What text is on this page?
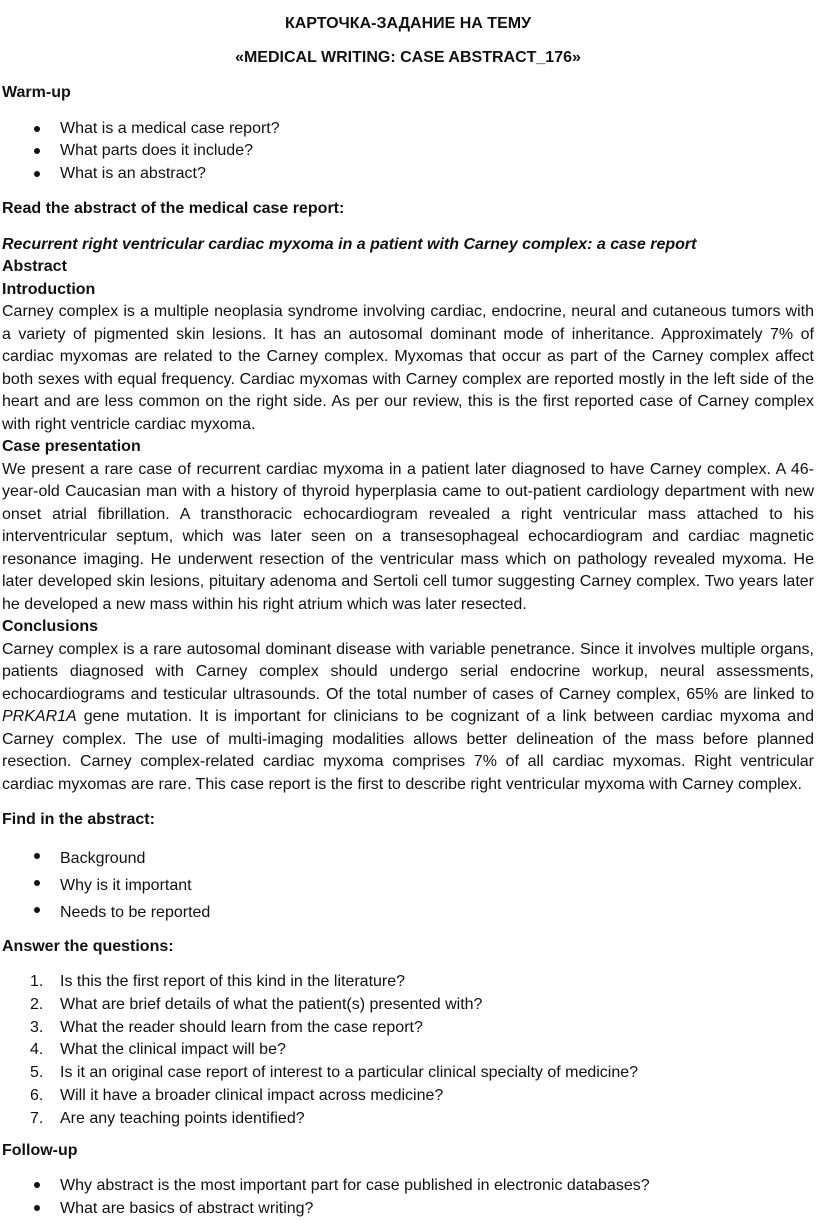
КАРТОЧКА-ЗАДАНИЕ НА ТЕМУ

«MEDICAL WRITING: CASE ABSTRACT_176»

Warm-up
What is a medical case report?
What parts does it include?
What is an abstract?
Read the abstract of the medical case report:

Recurrent right ventricular cardiac myxoma in a patient with Carney complex: a case report

Abstract
Introduction

Carney complex is a multiple neoplasia syndrome involving cardiac, endocrine, neural and cutaneous tumors with a variety of pigmented skin lesions. It has an autosomal dominant mode of inheritance. Approximately 7% of cardiac myxomas are related to the Carney complex. Myxomas that occur as part of the Carney complex affect both sexes with equal frequency. Cardiac myxomas with Carney complex are reported mostly in the left side of the heart and are less common on the right side. As per our review, this is the first reported case of Carney complex with right ventricle cardiac myxoma.

Case presentation

We present a rare case of recurrent cardiac myxoma in a patient later diagnosed to have Carney complex. A 46-year-old Caucasian man with a history of thyroid hyperplasia came to out-patient cardiology department with new onset atrial fibrillation. A transthoracic echocardiogram revealed a right ventricular mass attached to his interventricular septum, which was later seen on a transesophageal echocardiogram and cardiac magnetic resonance imaging. He underwent resection of the ventricular mass which on pathology revealed myxoma. He later developed skin lesions, pituitary adenoma and Sertoli cell tumor suggesting Carney complex. Two years later he developed a new mass within his right atrium which was later resected.

Conclusions

Carney complex is a rare autosomal dominant disease with variable penetrance. Since it involves multiple organs, patients diagnosed with Carney complex should undergo serial endocrine workup, neural assessments, echocardiograms and testicular ultrasounds. Of the total number of cases of Carney complex, 65% are linked to PRKAR1A gene mutation. It is important for clinicians to be cognizant of a link between cardiac myxoma and Carney complex. The use of multi-imaging modalities allows better delineation of the mass before planned resection. Carney complex-related cardiac myxoma comprises 7% of all cardiac myxomas. Right ventricular cardiac myxomas are rare. This case report is the first to describe right ventricular myxoma with Carney complex.

Find in the abstract:
Background
Why is it important
Needs to be reported
Answer the questions:
1. Is this the first report of this kind in the literature?
2. What are brief details of what the patient(s) presented with?
3. What the reader should learn from the case report?
4. What the clinical impact will be?
5. Is it an original case report of interest to a particular clinical specialty of medicine?
6. Will it have a broader clinical impact across medicine?
7. Are any teaching points identified?
Follow-up
Why abstract is the most important part for case published in electronic databases?
What are basics of abstract writing?
